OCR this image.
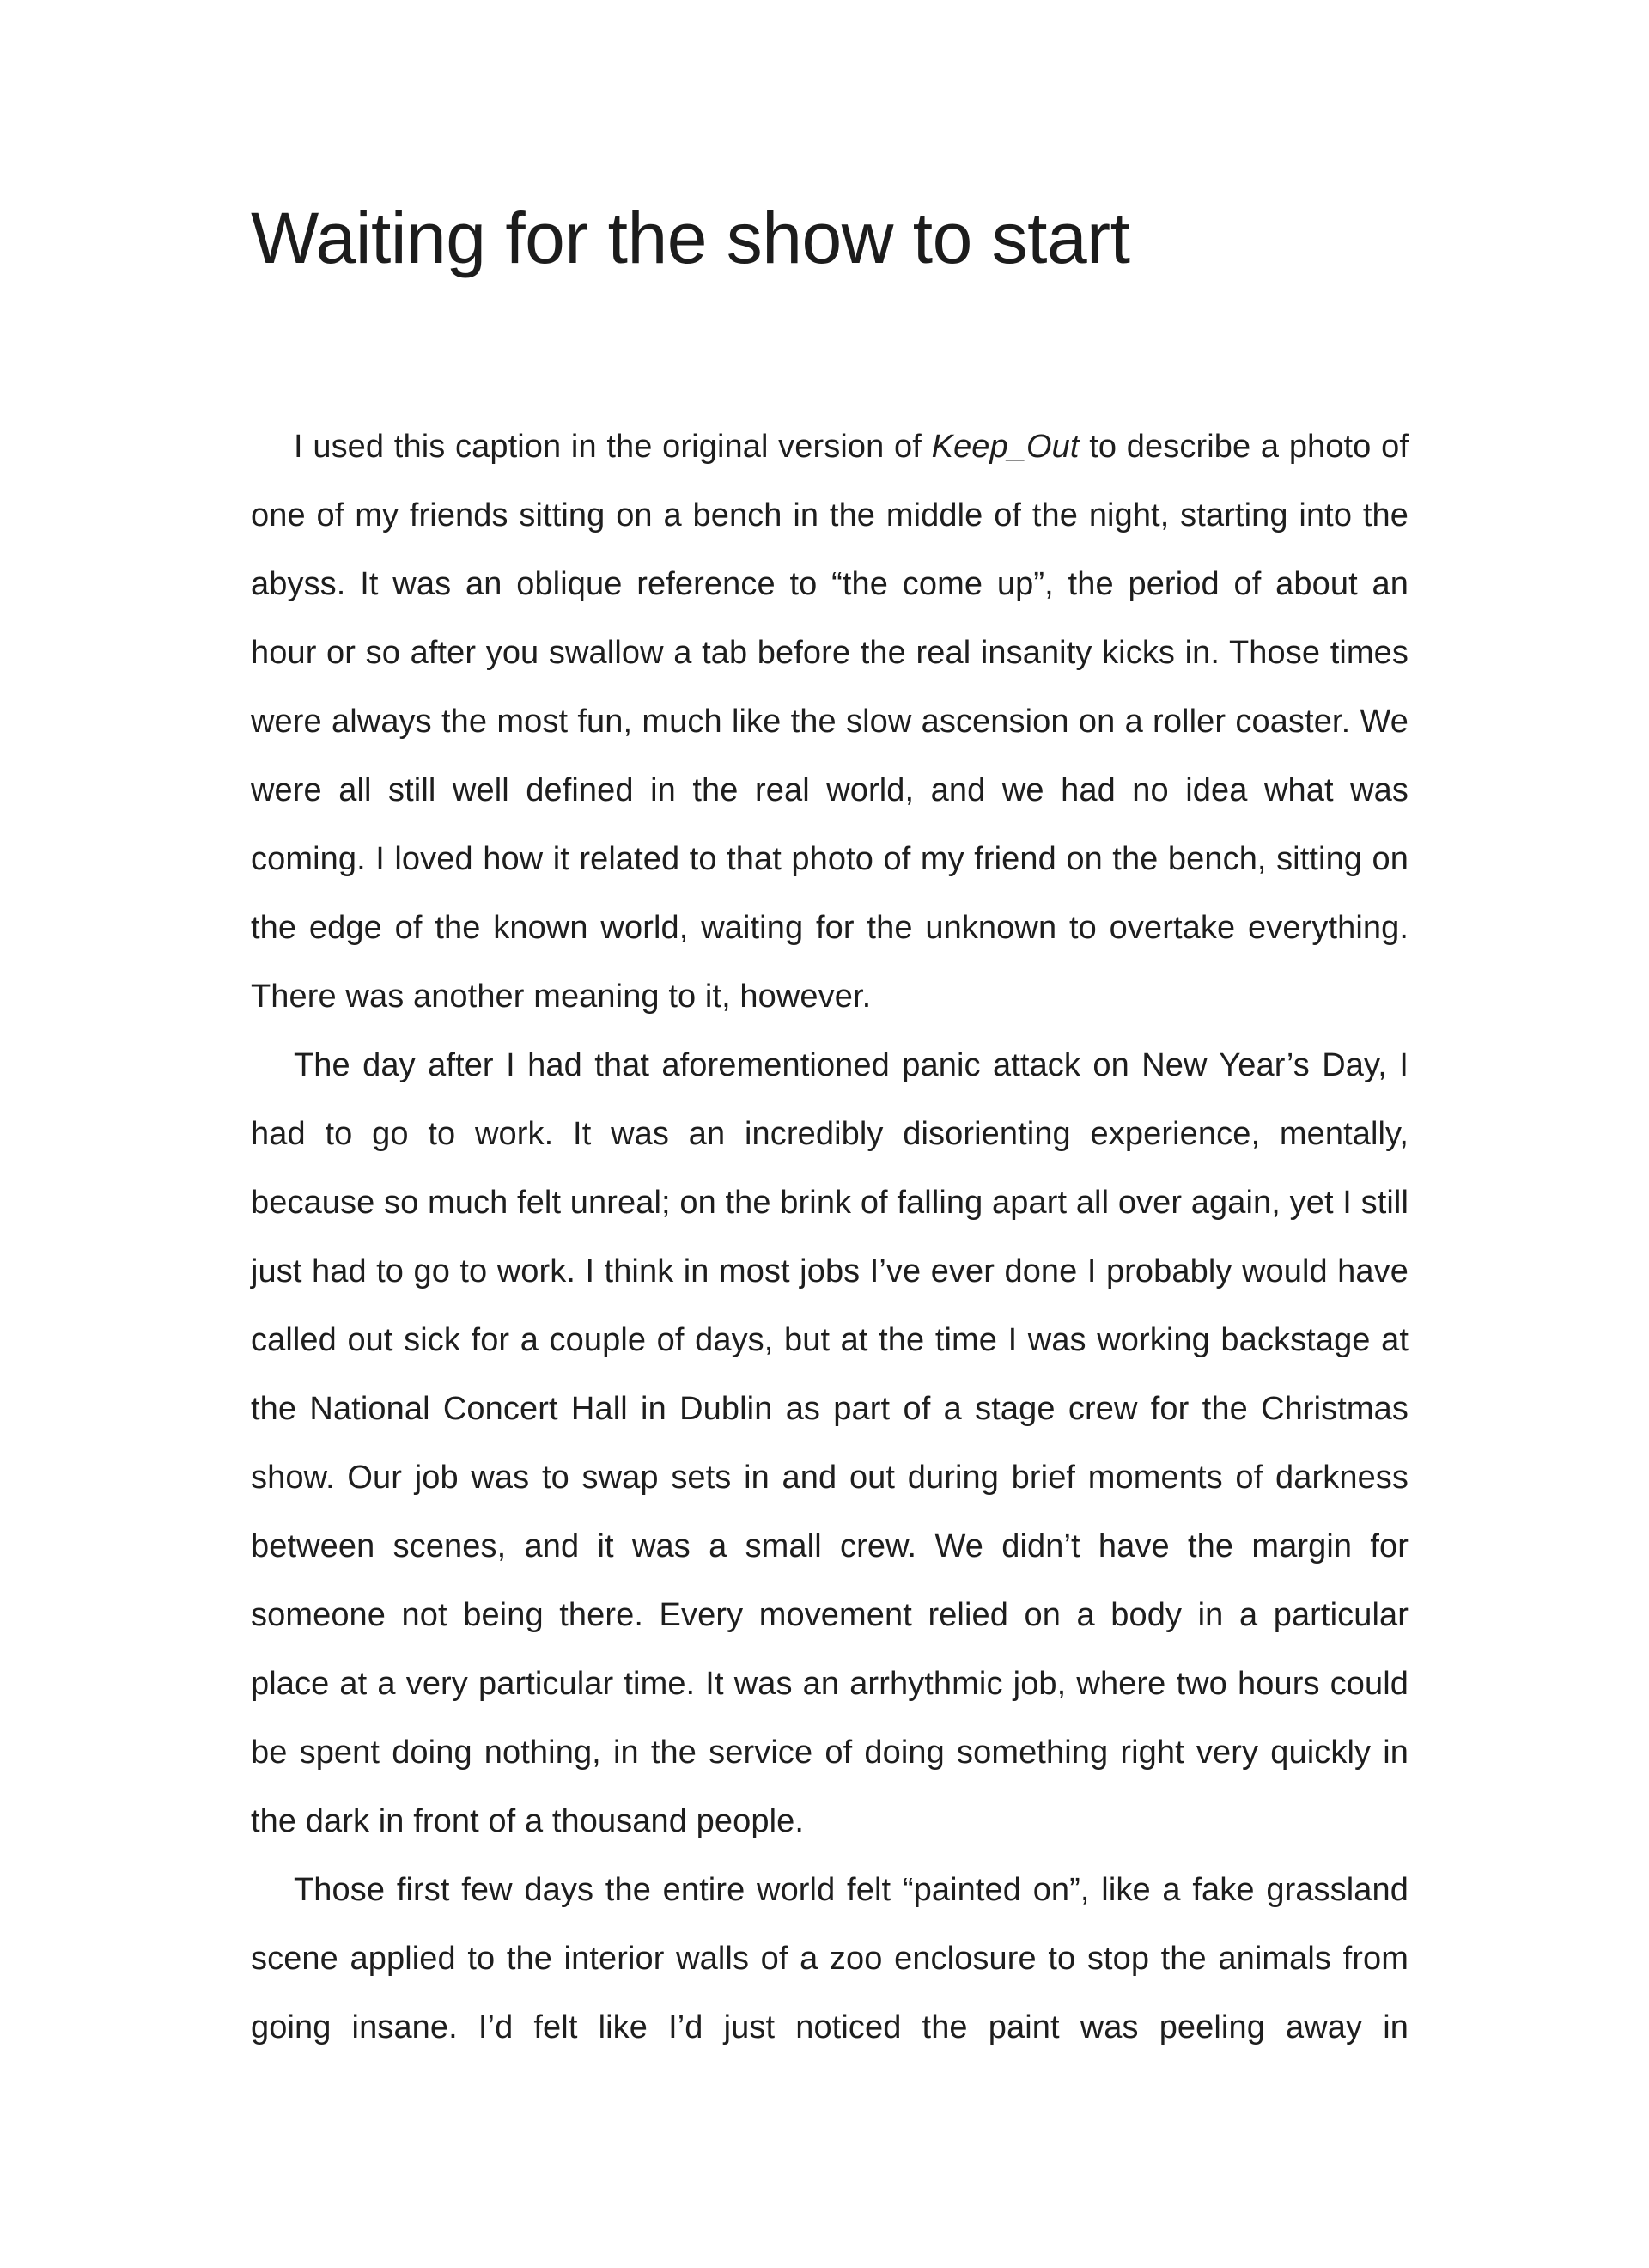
Waiting for the show to start

I used this caption in the original version of Keep_Out to describe a photo of one of my friends sitting on a bench in the middle of the night, starting into the abyss. It was an oblique reference to “the come up”, the period of about an hour or so after you swallow a tab before the real insanity kicks in. Those times were always the most fun, much like the slow ascension on a roller coaster. We were all still well defined in the real world, and we had no idea what was coming. I loved how it related to that photo of my friend on the bench, sitting on the edge of the known world, waiting for the unknown to overtake everything. There was another meaning to it, however.

The day after I had that aforementioned panic attack on New Year’s Day, I had to go to work. It was an incredibly disorienting experience, mentally, because so much felt unreal; on the brink of falling apart all over again, yet I still just had to go to work. I think in most jobs I’ve ever done I probably would have called out sick for a couple of days, but at the time I was working backstage at the National Concert Hall in Dublin as part of a stage crew for the Christmas show. Our job was to swap sets in and out during brief moments of darkness between scenes, and it was a small crew. We didn’t have the margin for someone not being there. Every movement relied on a body in a particular place at a very particular time. It was an arrhythmic job, where two hours could be spent doing nothing, in the service of doing something right very quickly in the dark in front of a thousand people.

Those first few days the entire world felt “painted on”, like a fake grassland scene applied to the interior walls of a zoo enclosure to stop the animals from going insane. I’d felt like I’d just noticed the paint was peeling away in
